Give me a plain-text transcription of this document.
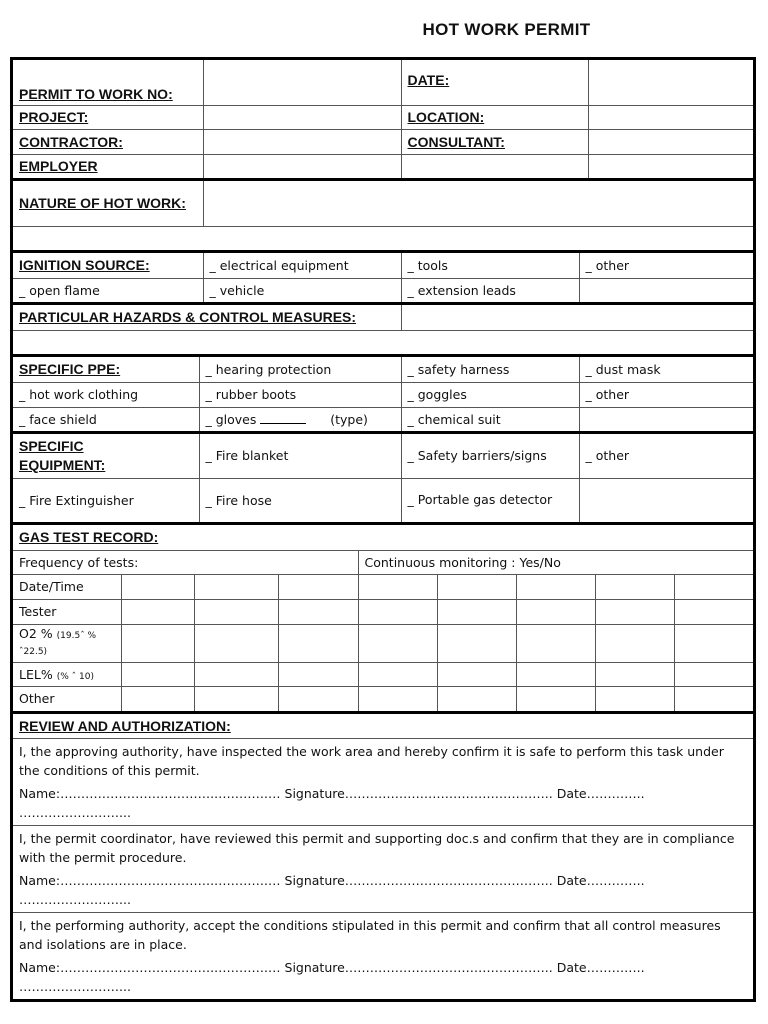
HOT WORK PERMIT
PERMIT TO WORK NO:		DATE:	
PROJECT:		LOCATION:	
CONTRACTOR:		CONSULTANT:	
EMPLOYER			
NATURE OF HOT WORK:	

IGNITION SOURCE:	_ electrical equipment	_ tools	_ other
_ open flame	_ vehicle	_ extension leads	
PARTICULAR HAZARDS & CONTROL MEASURES:	

SPECIFIC PPE:	_ hearing protection	_ safety harness	_ dust mask
_ hot work clothing	_ rubber boots	_ goggles	_ other
_ face shield	_ gloves (type)	_ chemical suit	
SPECIFIC
EQUIPMENT:	_ Fire blanket	_ Safety barriers/signs	_ other
_ Fire Extinguisher	_ Fire hose	_ Portable gas detector	
GAS TEST RECORD:								
Frequency of tests:				Continuous monitoring : Yes/No				
Date/Time								
Tester								
O2 % (19.5ˆ % ˆ22.5)								
LEL% (% ˆ 10)								
Other								
REVIEW AND AUTHORIZATION:

I, the approving authority, have inspected the work area and hereby confirm it is safe to perform this task under the conditions of this permit.
Name:……………………………….………….… Signature………………………………………….. Date…………..
……………………...

I, the permit coordinator, have reviewed this permit and supporting doc.s and confirm that they are in compliance with the permit procedure.
Name:……………………………….………….… Signature………………………………………….. Date…………..
……………………...

I, the performing authority, accept the conditions stipulated in this permit and confirm that all control measures and isolations are in place.
Name:……………………………….………….… Signature………………………………………….. Date…………..
……………………...
